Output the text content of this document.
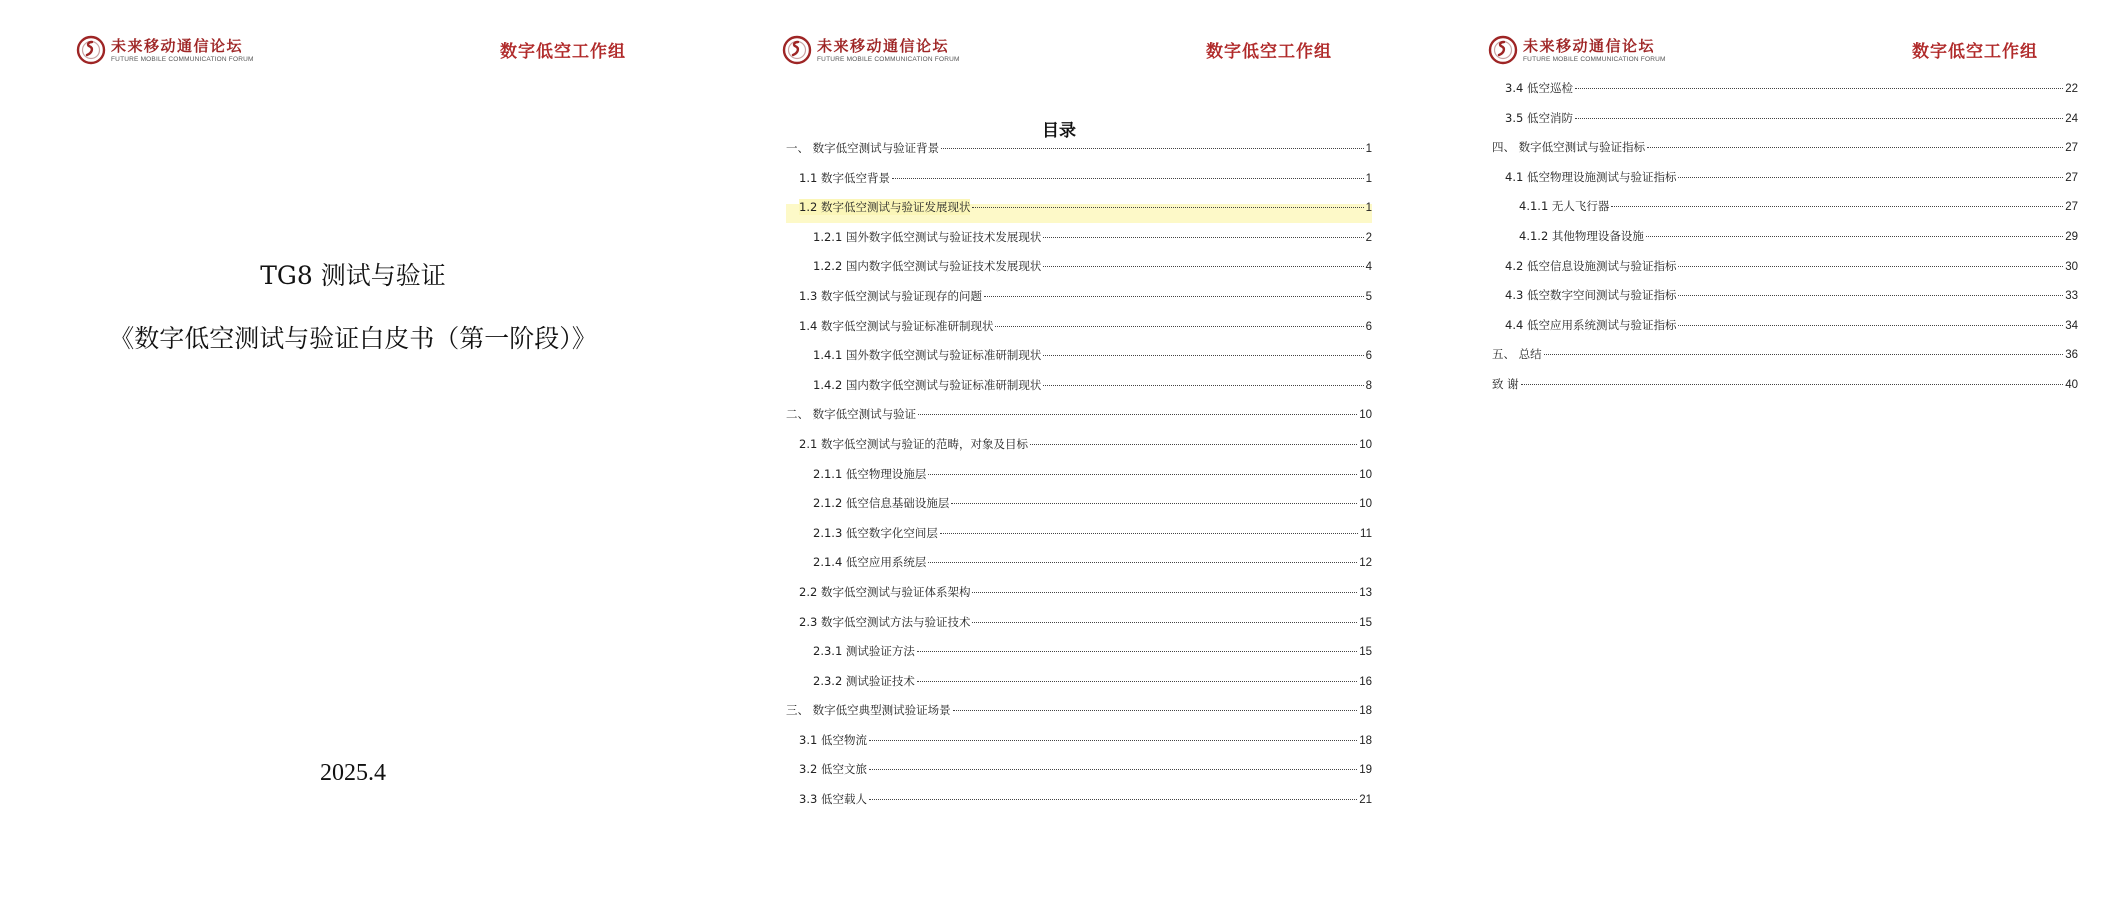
未来移动通信论坛
FUTURE MOBILE COMMUNICATION FORUM	数字低空工作组
TG8 测试与验证
《数字低空测试与验证白皮书（第一阶段）》
2025.4
未来移动通信论坛
FUTURE MOBILE COMMUNICATION FORUM	数字低空工作组
目录
一、 数字低空测试与验证背景	1
1.1 数字低空背景	1
1.2 数字低空测试与验证发展现状	1
1.2.1 国外数字低空测试与验证技术发展现状	2
1.2.2 国内数字低空测试与验证技术发展现状	4
1.3 数字低空测试与验证现存的问题	5
1.4 数字低空测试与验证标准研制现状	6
1.4.1 国外数字低空测试与验证标准研制现状	6
1.4.2 国内数字低空测试与验证标准研制现状	8
二、 数字低空测试与验证	10
2.1 数字低空测试与验证的范畴，对象及目标	10
2.1.1 低空物理设施层	10
2.1.2 低空信息基础设施层	10
2.1.3 低空数字化空间层	11
2.1.4 低空应用系统层	12
2.2 数字低空测试与验证体系架构	13
2.3 数字低空测试方法与验证技术	15
2.3.1 测试验证方法	15
2.3.2 测试验证技术	16
三、 数字低空典型测试验证场景	18
3.1 低空物流	18
3.2 低空文旅	19
3.3 低空载人	21
未来移动通信论坛
FUTURE MOBILE COMMUNICATION FORUM	数字低空工作组
3.4 低空巡检	22
3.5 低空消防	24
四、 数字低空测试与验证指标	27
4.1 低空物理设施测试与验证指标	27
4.1.1 无人飞行器	27
4.1.2 其他物理设备设施	29
4.2 低空信息设施测试与验证指标	30
4.3 低空数字空间测试与验证指标	33
4.4 低空应用系统测试与验证指标	34
五、 总结	36
致 谢	40
